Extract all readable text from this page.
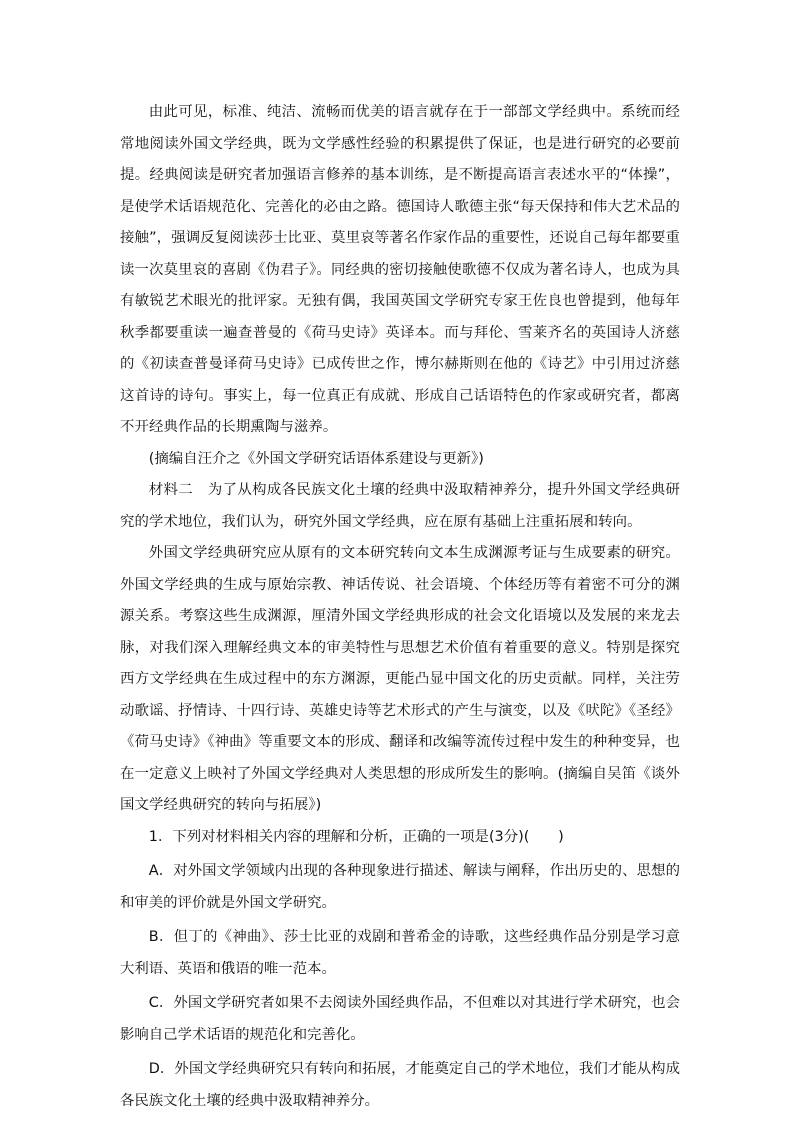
由此可见，标准、纯洁、流畅而优美的语言就存在于一部部文学经典中。系统而经常地阅读外国文学经典，既为文学感性经验的积累提供了保证，也是进行研究的必要前提。经典阅读是研究者加强语言修养的基本训练，是不断提高语言表述水平的“体操”，是使学术话语规范化、完善化的必由之路。德国诗人歌德主张“每天保持和伟大艺术品的接触”，强调反复阅读莎士比亚、莫里哀等著名作家作品的重要性，还说自己每年都要重读一次莫里哀的喜剧《伪君子》。同经典的密切接触使歌德不仅成为著名诗人，也成为具有敏锐艺术眼光的批评家。无独有偶，我国英国文学研究专家王佐良也曾提到，他每年秋季都要重读一遍查普曼的《荷马史诗》英译本。而与拜伦、雪莱齐名的英国诗人济慈的《初读查普曼译荷马史诗》已成传世之作，博尔赫斯则在他的《诗艺》中引用过济慈这首诗的诗句。事实上，每一位真正有成就、形成自己话语特色的作家或研究者，都离不开经典作品的长期熏陶与滋养。

(摘编自汪介之《外国文学研究话语体系建设与更新》)

材料二　为了从构成各民族文化土壤的经典中汲取精神养分，提升外国文学经典研究的学术地位，我们认为，研究外国文学经典，应在原有基础上注重拓展和转向。

外国文学经典研究应从原有的文本研究转向文本生成渊源考证与生成要素的研究。外国文学经典的生成与原始宗教、神话传说、社会语境、个体经历等有着密不可分的渊源关系。考察这些生成渊源，厘清外国文学经典形成的社会文化语境以及发展的来龙去脉，对我们深入理解经典文本的审美特性与思想艺术价值有着重要的意义。特别是探究西方文学经典在生成过程中的东方渊源，更能凸显中国文化的历史贡献。同样，关注劳动歌谣、抒情诗、十四行诗、英雄史诗等艺术形式的产生与演变，以及《吠陀》《圣经》《荷马史诗》《神曲》等重要文本的形成、翻译和改编等流传过程中发生的种种变异，也在一定意义上映衬了外国文学经典对人类思想的形成所发生的影响。(摘编自吴笛《谈外国文学经典研究的转向与拓展》)

1．下列对材料相关内容的理解和分析，正确的一项是(3分)(　　)

A．对外国文学领域内出现的各种现象进行描述、解读与阐释，作出历史的、思想的和审美的评价就是外国文学研究。

B．但丁的《神曲》、莎士比亚的戏剧和普希金的诗歌，这些经典作品分别是学习意大利语、英语和俄语的唯一范本。

C．外国文学研究者如果不去阅读外国经典作品，不但难以对其进行学术研究，也会影响自己学术话语的规范化和完善化。

D．外国文学经典研究只有转向和拓展，才能奠定自己的学术地位，我们才能从构成各民族文化土壤的经典中汲取精神养分。
